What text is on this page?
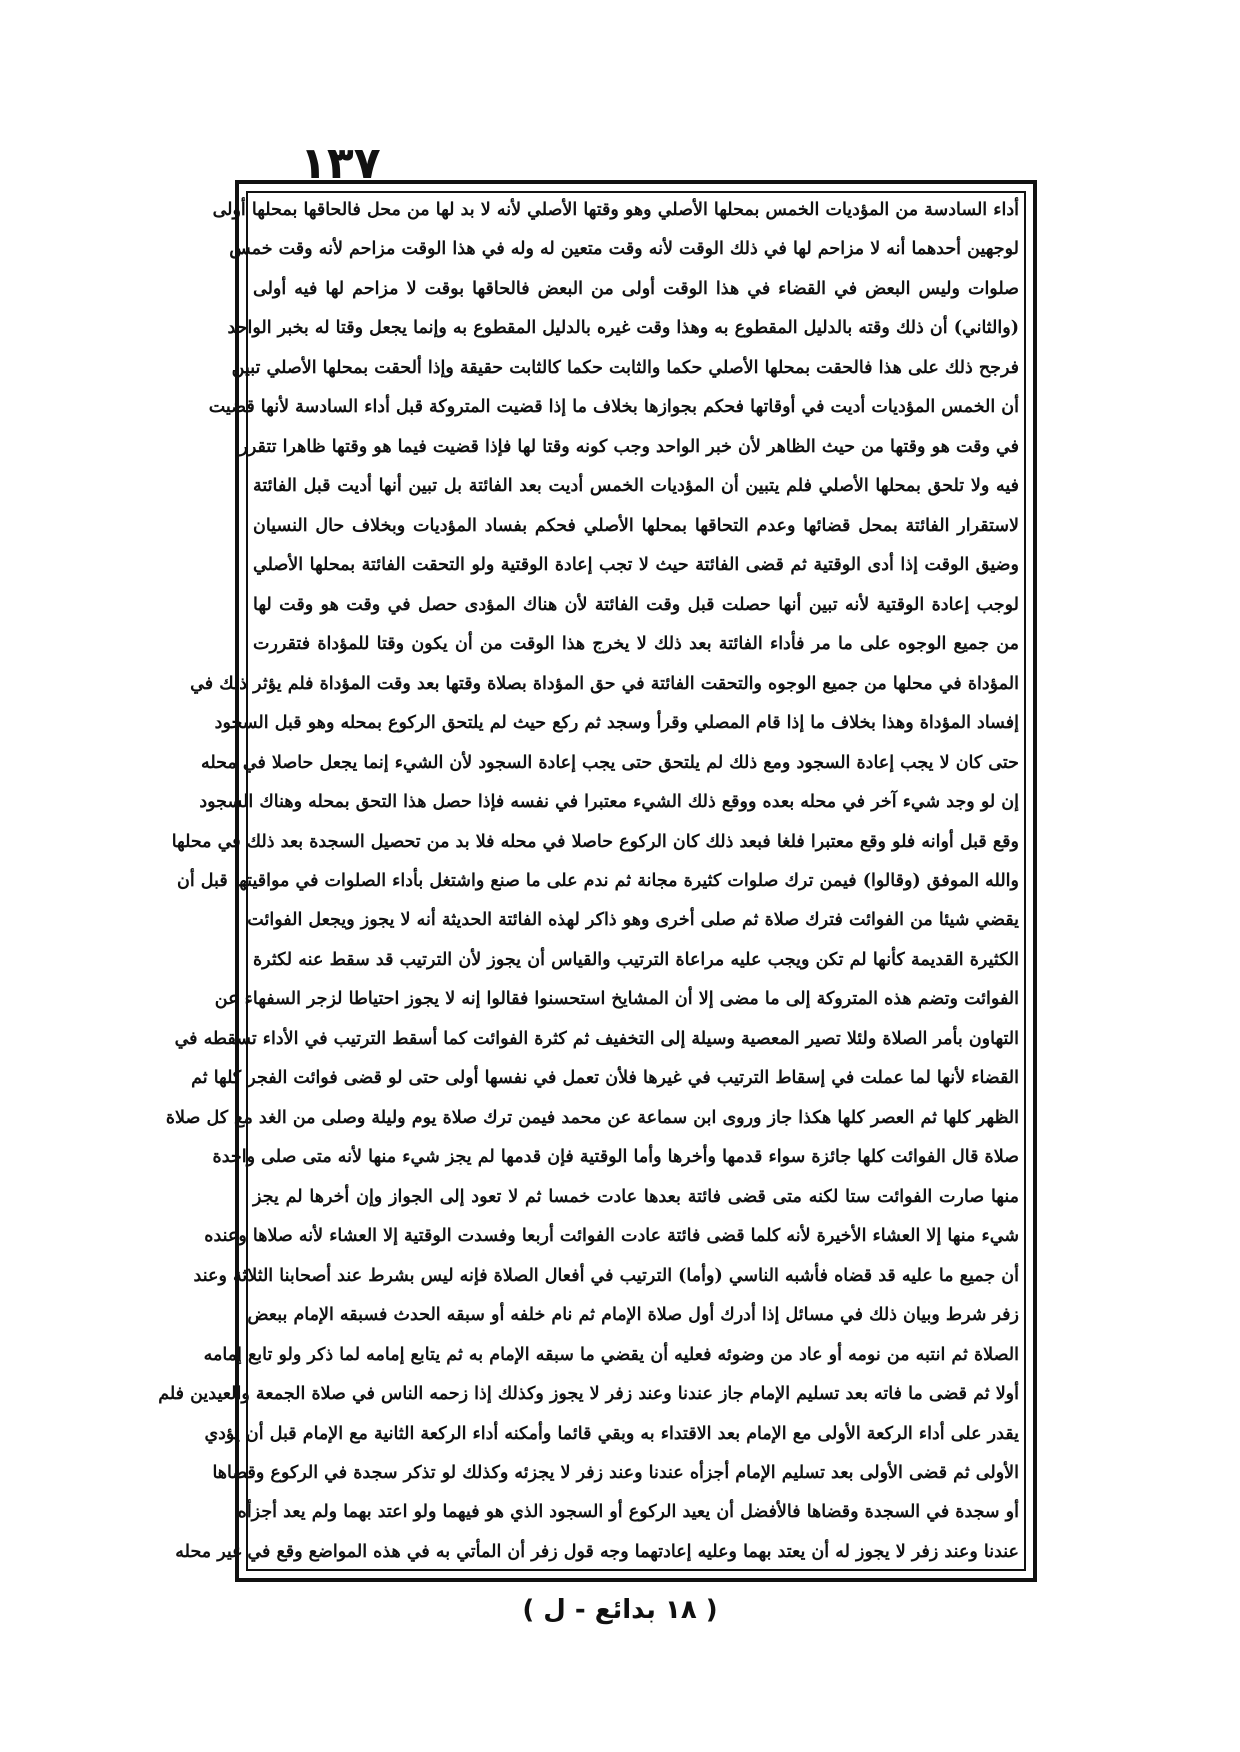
١٣٧
أداء السادسة من المؤديات الخمس بمحلها الأصلي وهو وقتها الأصلي لأنه لا بد لها من محل فالحاقها بمحلها أولى
لوجهين أحدهما أنه لا مزاحم لها في ذلك الوقت لأنه وقت متعين له وله في هذا الوقت مزاحم لأنه وقت خمس
صلوات وليس البعض في القضاء في هذا الوقت أولى من البعض فالحاقها بوقت لا مزاحم لها فيه أولى
(والثاني) أن ذلك وقته بالدليل المقطوع به وهذا وقت غيره بالدليل المقطوع به وإنما يجعل وقتا له بخبر الواحد
فرجح ذلك على هذا فالحقت بمحلها الأصلي حكما والثابت حكما كالثابت حقيقة وإذا ألحقت بمحلها الأصلي تبين
أن الخمس المؤديات أديت في أوقاتها فحكم بجوازها بخلاف ما إذا قضيت المتروكة قبل أداء السادسة لأنها قضيت
في وقت هو وقتها من حيث الظاهر لأن خبر الواحد وجب كونه وقتا لها فإذا قضيت فيما هو وقتها ظاهرا تتقرر
فيه ولا تلحق بمحلها الأصلي فلم يتبين أن المؤديات الخمس أديت بعد الفائتة بل تبين أنها أديت قبل الفائتة
لاستقرار الفائتة بمحل قضائها وعدم التحاقها بمحلها الأصلي فحكم بفساد المؤديات وبخلاف حال النسيان
وضيق الوقت إذا أدى الوقتية ثم قضى الفائتة حيث لا تجب إعادة الوقتية ولو التحقت الفائتة بمحلها الأصلي
لوجب إعادة الوقتية لأنه تبين أنها حصلت قبل وقت الفائتة لأن هناك المؤدى حصل في وقت هو وقت لها
من جميع الوجوه على ما مر فأداء الفائتة بعد ذلك لا يخرج هذا الوقت من أن يكون وقتا للمؤداة فتقررت
المؤداة في محلها من جميع الوجوه والتحقت الفائتة في حق المؤداة بصلاة وقتها بعد وقت المؤداة فلم يؤثر ذلك في
إفساد المؤداة وهذا بخلاف ما إذا قام المصلي وقرأ وسجد ثم ركع حيث لم يلتحق الركوع بمحله وهو قبل السجود
حتى كان لا يجب إعادة السجود ومع ذلك لم يلتحق حتى يجب إعادة السجود لأن الشيء إنما يجعل حاصلا في محله
إن لو وجد شيء آخر في محله بعده ووقع ذلك الشيء معتبرا في نفسه فإذا حصل هذا التحق بمحله وهناك السجود
وقع قبل أوانه فلو وقع معتبرا فلغا فبعد ذلك كان الركوع حاصلا في محله فلا بد من تحصيل السجدة بعد ذلك في محلها
والله الموفق (وقالوا) فيمن ترك صلوات كثيرة مجانة ثم ندم على ما صنع واشتغل بأداء الصلوات في مواقيتها قبل أن
يقضي شيئا من الفوائت فترك صلاة ثم صلى أخرى وهو ذاكر لهذه الفائتة الحديثة أنه لا يجوز ويجعل الفوائت
الكثيرة القديمة كأنها لم تكن ويجب عليه مراعاة الترتيب والقياس أن يجوز لأن الترتيب قد سقط عنه لكثرة
الفوائت وتضم هذه المتروكة إلى ما مضى إلا أن المشايخ استحسنوا فقالوا إنه لا يجوز احتياطا لزجر السفهاء عن
التهاون بأمر الصلاة ولئلا تصير المعصية وسيلة إلى التخفيف ثم كثرة الفوائت كما أسقط الترتيب في الأداء تسقطه في
القضاء لأنها لما عملت في إسقاط الترتيب في غيرها فلأن تعمل في نفسها أولى حتى لو قضى فوائت الفجر كلها ثم
الظهر كلها ثم العصر كلها هكذا جاز وروى ابن سماعة عن محمد فيمن ترك صلاة يوم وليلة وصلى من الغد مع كل صلاة
صلاة قال الفوائت كلها جائزة سواء قدمها وأخرها وأما الوقتية فإن قدمها لم يجز شيء منها لأنه متى صلى واحدة
منها صارت الفوائت ستا لكنه متى قضى فائتة بعدها عادت خمسا ثم لا تعود إلى الجواز وإن أخرها لم يجز
شيء منها إلا العشاء الأخيرة لأنه كلما قضى فائتة عادت الفوائت أربعا وفسدت الوقتية إلا العشاء لأنه صلاها وعنده
أن جميع ما عليه قد قضاه فأشبه الناسي (وأما) الترتيب في أفعال الصلاة فإنه ليس بشرط عند أصحابنا الثلاثة وعند
زفر شرط وبيان ذلك في مسائل إذا أدرك أول صلاة الإمام ثم نام خلفه أو سبقه الحدث فسبقه الإمام ببعض
الصلاة ثم انتبه من نومه أو عاد من وضوئه فعليه أن يقضي ما سبقه الإمام به ثم يتابع إمامه لما ذكر ولو تابع إمامه
أولا ثم قضى ما فاته بعد تسليم الإمام جاز عندنا وعند زفر لا يجوز وكذلك إذا زحمه الناس في صلاة الجمعة والعيدين فلم
يقدر على أداء الركعة الأولى مع الإمام بعد الاقتداء به وبقي قائما وأمكنه أداء الركعة الثانية مع الإمام قبل أن يؤدي
الأولى ثم قضى الأولى بعد تسليم الإمام أجزأه عندنا وعند زفر لا يجزئه وكذلك لو تذكر سجدة في الركوع وقضاها
أو سجدة في السجدة وقضاها فالأفضل أن يعيد الركوع أو السجود الذي هو فيهما ولو اعتد بهما ولم يعد أجزأه
عندنا وعند زفر لا يجوز له أن يعتد بهما وعليه إعادتهما وجه قول زفر أن المأتي به في هذه المواضع وقع في غير محله
( ١٨ بدائع - ل )
